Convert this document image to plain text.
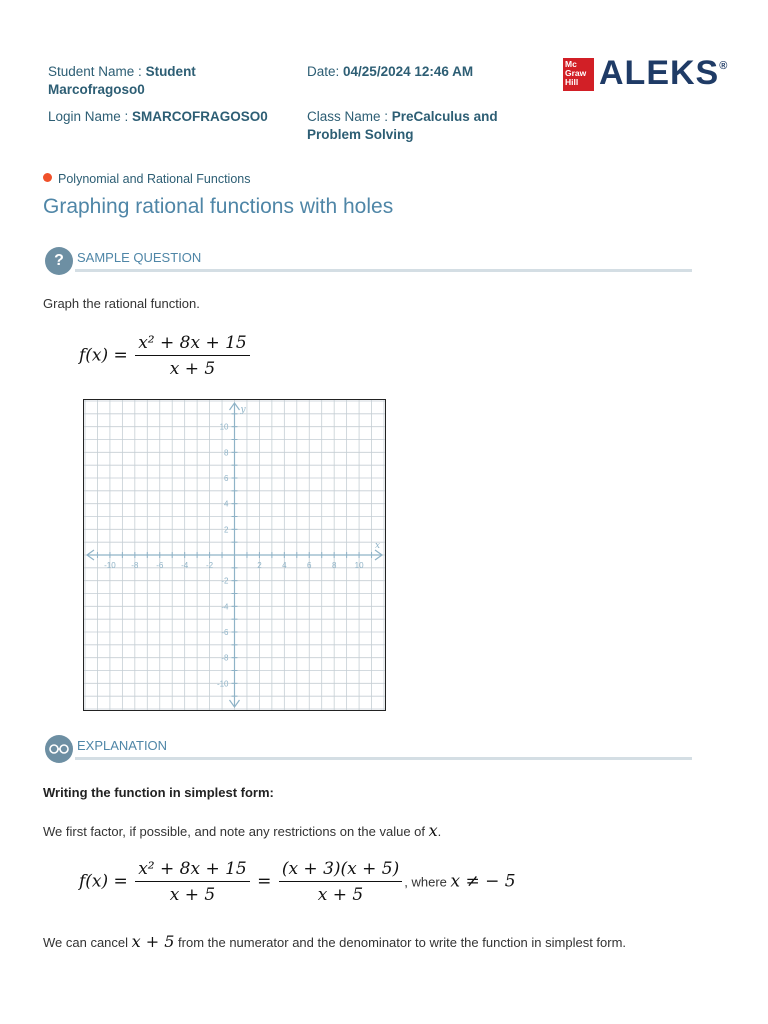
Student Name : Student Marcofragoso0
Login Name : SMARCOFRAGOSO0
Date: 04/25/2024 12:46 AM
Class Name : PreCalculus and Problem Solving
Mc
Graw
Hill ALEKS®
Polynomial and Rational Functions
Graphing rational functions with holes
?	SAMPLE QUESTION
Graph the rational function.
$f(x) = \frac{\text{x² + 8x + 15}}{x + 5}$
-10 -8 -6 -4 -2	2	4	6	8 10
10
8
6
4
2
-2
-4
-6
-8
-10
x
y
EXPLANATION
Writing the function in simplest form:
We first factor, if possible, and note any restrictions on the value of x.
$f(x) = \frac{\text{x² + 8x + 15}}{x + 5} = \frac{(x + 3)(x + 5)}{x + 5}$ , where x ≠ − 5
We can cancel x + 5 from the numerator and the denominator to write the function in simplest form.
